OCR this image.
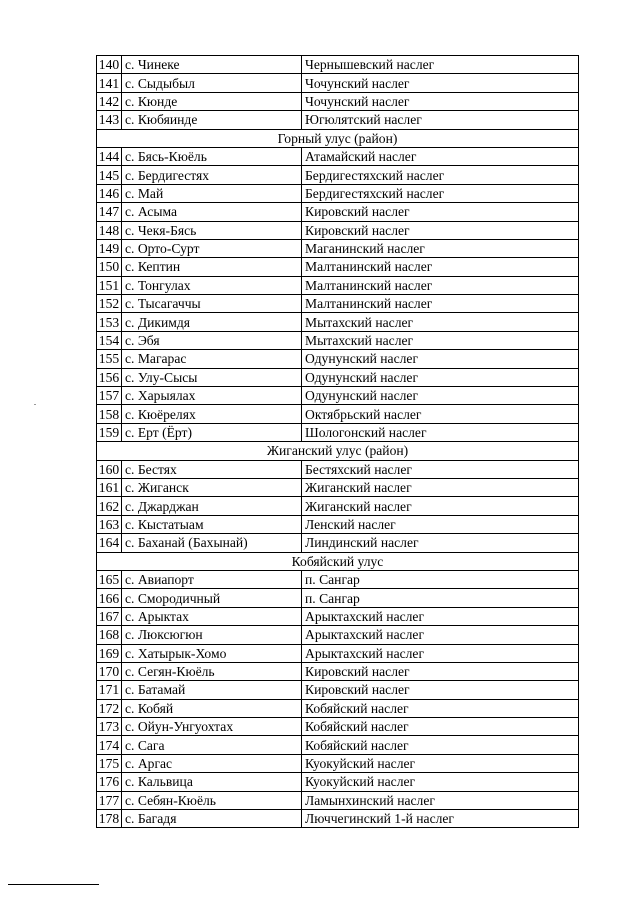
140	с. Чинеке	Чернышевский наслег
141	с. Сыдыбыл	Чочунский наслег
142	с. Кюнде	Чочунский наслег
143	с. Кюбяинде	Югюлятский наслег
Горный улус (район)		
144	с. Бясь-Кюёль	Атамайский наслег
145	с. Бердигестях	Бердигестяхский наслег
146	с. Май	Бердигестяхский наслег
147	с. Асыма	Кировский наслег
148	с. Чекя-Бясь	Кировский наслег
149	с. Орто-Сурт	Маганинский наслег
150	с. Кептин	Малтанинский наслег
151	с. Тонгулах	Малтанинский наслег
152	с. Тысагаччы	Малтанинский наслег
153	с. Дикимдя	Мытахский наслег
154	с. Эбя	Мытахский наслег
155	с. Магарас	Одунунский наслег
156	с. Улу-Сысы	Одунунский наслег
157	с. Харыялах	Одунунский наслег
158	с. Кюёрелях	Октябрьский наслег
159	с. Ерт (Ёрт)	Шологонский наслег
Жиганский улус (район)		
160	с. Бестях	Бестяхский наслег
161	с. Жиганск	Жиганский наслег
162	с. Джарджан	Жиганский наслег
163	с. Кыстатыам	Ленский наслег
164	с. Баханай (Бахынай)	Линдинский наслег
Кобяйский улус		
165	с. Авиапорт	п. Сангар
166	с. Смородичный	п. Сангар
167	с. Арыктах	Арыктахский наслег
168	с. Люксюгюн	Арыктахский наслег
169	с. Хатырык-Хомо	Арыктахский наслег
170	с. Сегян-Кюёль	Кировский наслег
171	с. Батамай	Кировский наслег
172	с. Кобяй	Кобяйский наслег
173	с. Ойун-Унгуохтах	Кобяйский наслег
174	с. Сага	Кобяйский наслег
175	с. Аргас	Куокуйский наслег
176	с. Кальвица	Куокуйский наслег
177	с. Себян-Кюёль	Ламынхинский наслег
178	с. Багадя	Люччегинский 1-й наслег
